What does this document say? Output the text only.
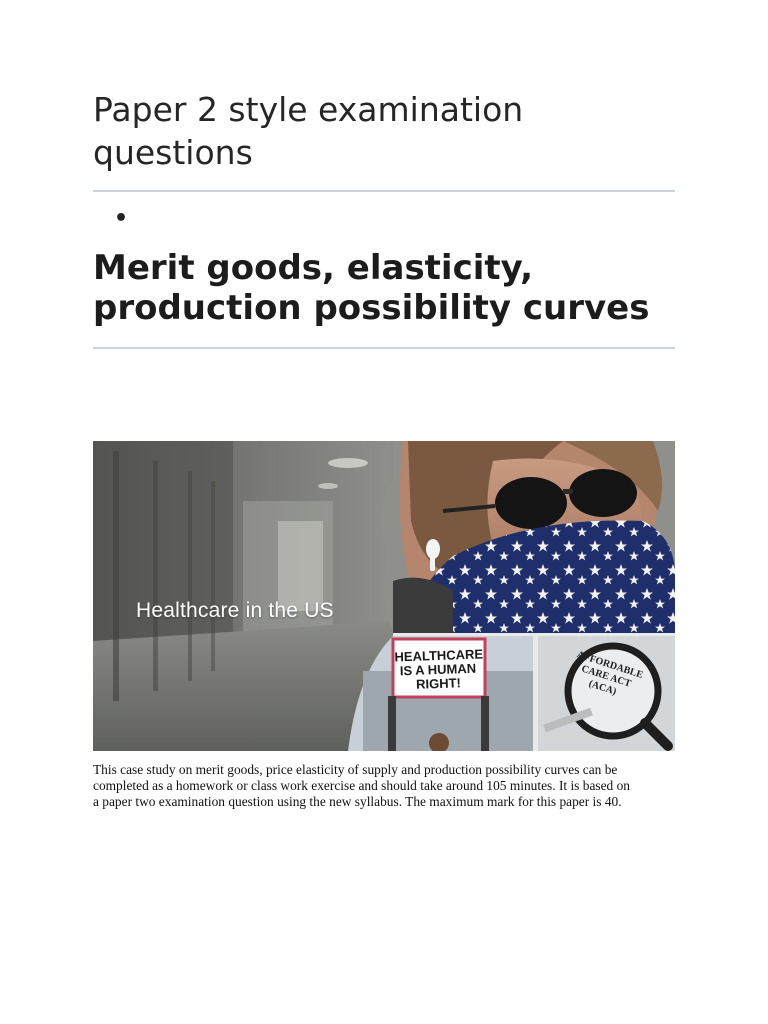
Paper 2 style examination questions
•
Merit goods, elasticity, production possibility curves
Healthcare in the US
HEALTHCARE IS A HUMAN RIGHT!
AFFORDABLE CARE ACT (ACA)

This case study on merit goods, price elasticity of supply and production possibility curves can be completed as a homework or class work exercise and should take around 105 minutes. It is based on a paper two examination question using the new syllabus. The maximum mark for this paper is 40.
